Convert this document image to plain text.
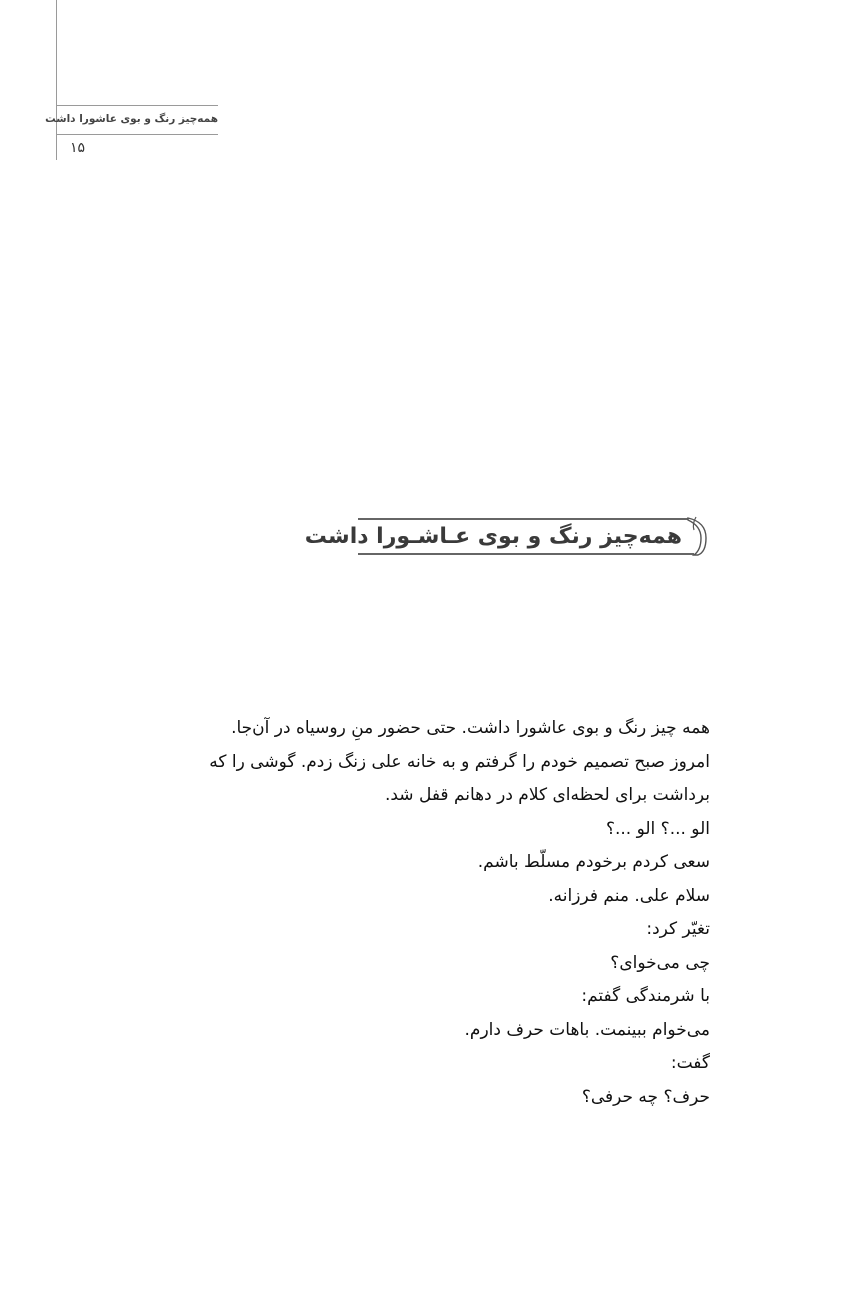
همه‌چیز رنگ و بوی عاشورا داشت
۱۵
همه‌چیز رنگ و بوی عـاشـورا داشت

همه چیز رنگ و بوی عاشورا داشت. حتی حضور منِ روسیاه در آن‌جا.

امروز صبح تصمیم خودم را گرفتم و به خانه علی زنگ زدم. گوشی را که

برداشت برای لحظه‌ای کلام در دهانم قفل شد.

الو ...؟ الو ...؟

سعی کردم برخودم مسلّط باشم.

سلام علی. منم فرزانه.

تغیّر کرد:

چی می‌خوای؟

با شرمندگی گفتم:

می‌خوام ببینمت. باهات حرف دارم.

گفت:

حرف؟ چه حرفی؟
